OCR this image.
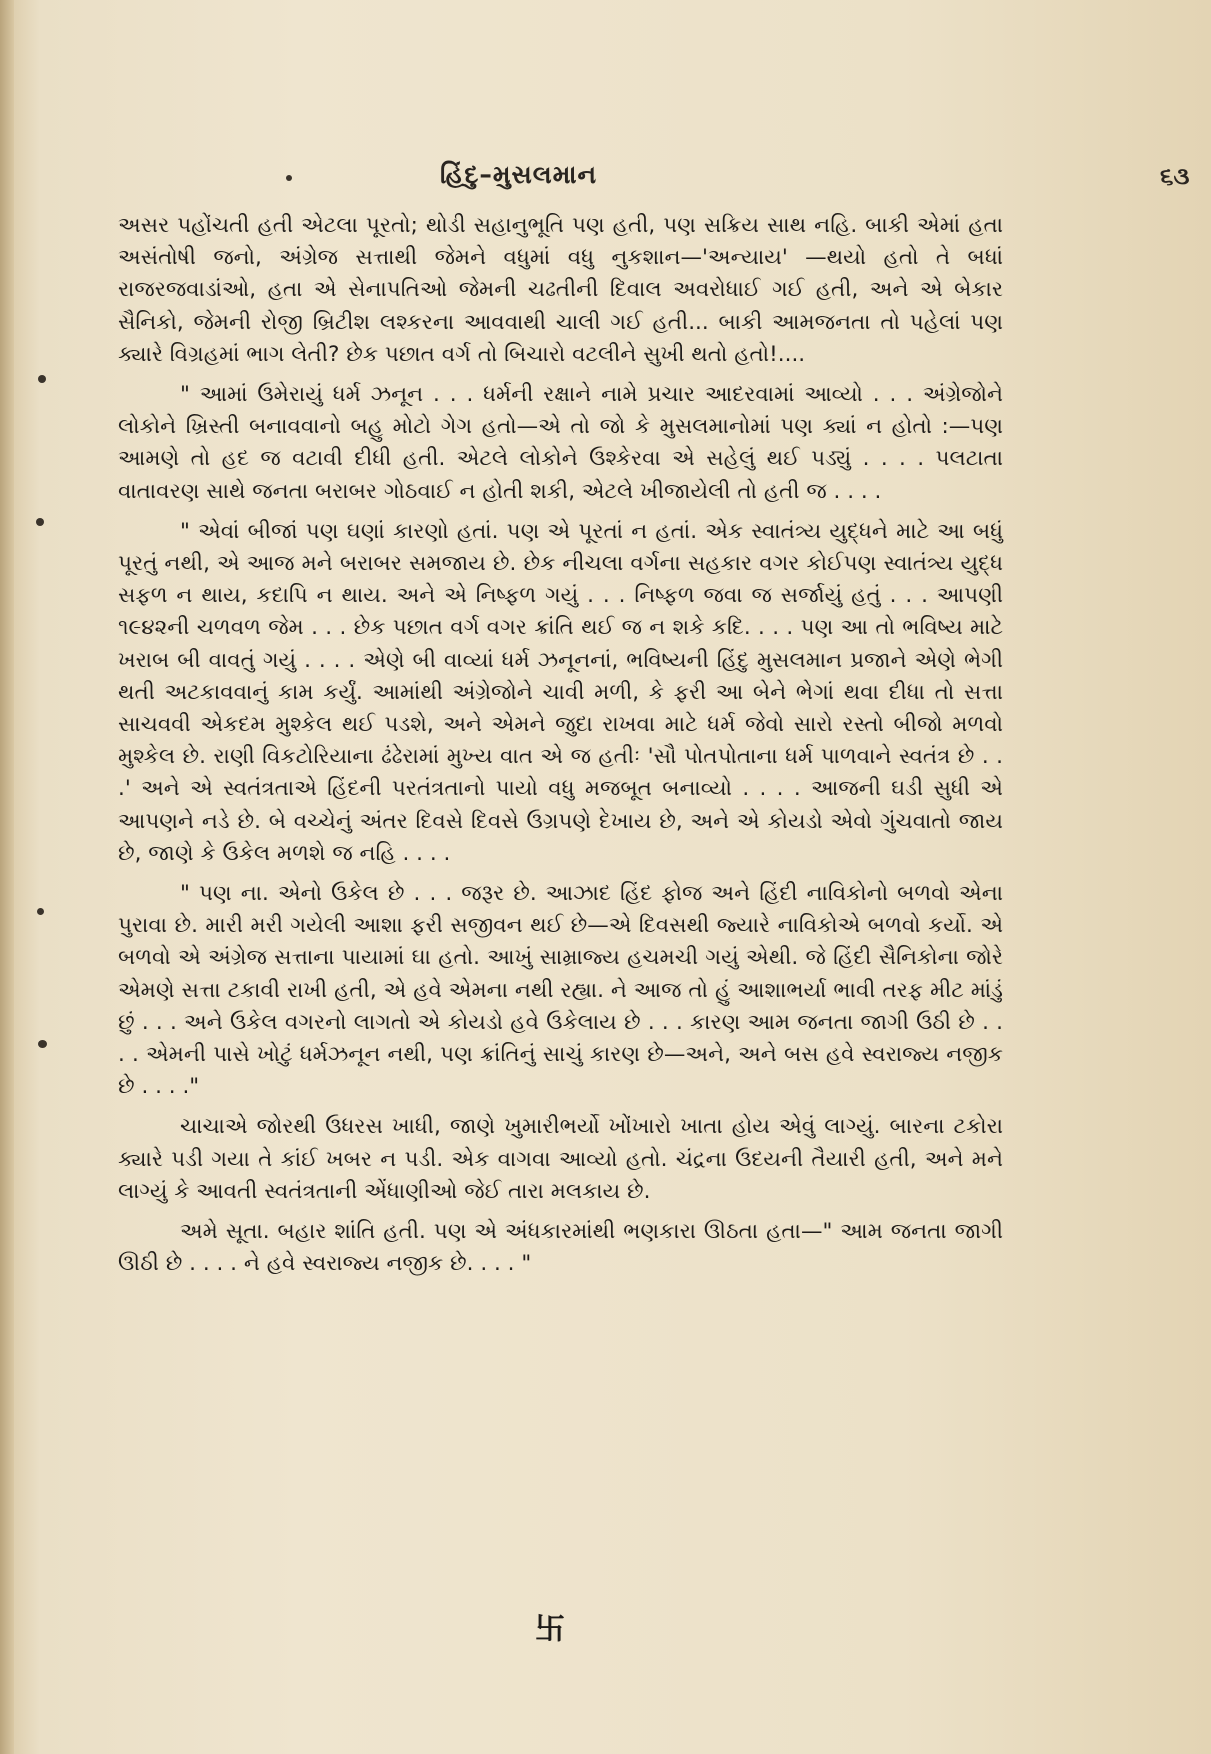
હિંદુ–મુસલમાન	૬૩

અસર પહોંચતી હતી એટલા પૂરતો; થોડી સહાનુભૂતિ પણ હતી, પણ સક્રિય સાથ નહિ. બાકી એમાં હતા અસંતોષી જનો, અંગ્રેજ સત્તાથી જેમને વધુમાં વધુ નુકશાન—'અન્યાય' —થયો હતો તે બધાં રાજરજવાડાંઓ, હતા એ સેનાપતિઓ જેમની ચઢતીની દિવાલ અવરોધાઈ ગઈ હતી, અને એ બેકાર સૈનિકો, જેમની રોજી બ્રિટીશ લશ્કરના આવવાથી ચાલી ગઈ હતી... બાકી આમજનતા તો પહેલાં પણ ક્યારે વિગ્રહમાં ભાગ લેતી? છેક પછાત વર્ગ તો બિચારો વટલીને સુખી થતો હતો!....

" આમાં ઉમેરાયું ધર્મ ઝનૂન . . . ધર્મની રક્ષાને નામે પ્રચાર આદરવામાં આવ્યો . . . અંગ્રેજોને લોકોને ખ્રિસ્તી બનાવવાનો બહુ મોટો ગેગ હતો—એ તો જો કે મુસલમાનોમાં પણ ક્યાં ન હોતો :—પણ આમણે તો હદ જ વટાવી દીધી હતી. એટલે લોકોને ઉશ્કેરવા એ સહેલું થઈ પડ્યું . . . . પલટાતા વાતાવરણ સાથે જનતા બરાબર ગોઠવાઈ ન હોતી શકી, એટલે ખીજાયેલી તો હતી જ . . . .

" એવાં બીજાં પણ ઘણાં કારણો હતાં. પણ એ પૂરતાં ન હતાં. એક સ્વાતંત્ર્ય યુદ્ધને માટે આ બધું પૂરતું નથી, એ આજ મને બરાબર સમજાય છે. છેક નીચલા વર્ગના સહકાર વગર કોઈપણ સ્વાતંત્ર્ય યુદ્ધ સફળ ન થાય, કદાપિ ન થાય. અને એ નિષ્ફળ ગયું . . . નિષ્ફળ જવા જ સર્જાયું હતું . . . આપણી ૧૯૪૨ની ચળવળ જેમ . . . છેક પછાત વર્ગ વગર ક્રાંતિ થઈ જ ન શકે કદિ. . . . પણ આ તો ભવિષ્ય માટે ખરાબ બી વાવતું ગયું . . . . એણે બી વાવ્યાં ધર્મ ઝનૂનનાં, ભવિષ્યની હિંદુ મુસલમાન પ્રજાને એણે ભેગી થતી અટકાવવાનું કામ કર્યું. આમાંથી અંગ્રેજોને ચાવી મળી, કે ફરી આ બેને ભેગાં થવા દીધા તો સત્તા સાચવવી એકદમ મુશ્કેલ થઈ પડશે, અને એમને જુદા રાખવા માટે ધર્મ જેવો સારો રસ્તો બીજો મળવો મુશ્કેલ છે. રાણી વિકટોરિયાના ઢંઢેરામાં મુખ્ય વાત એ જ હતીઃ 'સૌ પોતપોતાના ધર્મ પાળવાને સ્વતંત્ર છે . . .' અને એ સ્વતંત્રતાએ હિંદની પરતંત્રતાનો પાયો વધુ મજબૂત બનાવ્યો . . . . આજની ઘડી સુધી એ આપણને નડે છે. બે વચ્ચેનું અંતર દિવસે દિવસે ઉગ્રપણે દેખાય છે, અને એ કોયડો એવો ગુંચવાતો જાય છે, જાણે કે ઉકેલ મળશે જ નહિ . . . .

" પણ ના. એનો ઉકેલ છે . . . જરૂર છે. આઝાદ હિંદ ફોજ અને હિંદી નાવિકોનો બળવો એના પુરાવા છે. મારી મરી ગયેલી આશા ફરી સજીવન થઈ છે—એ દિવસથી જ્યારે નાવિકોએ બળવો કર્યો. એ બળવો એ અંગ્રેજ સત્તાના પાયામાં ઘા હતો. આખું સામ્રાજ્ય હચમચી ગયું એથી. જે હિંદી સૈનિકોના જોરે એમણે સત્તા ટકાવી રાખી હતી, એ હવે એમના નથી રહ્યા. ને આજ તો હું આશાભર્યા ભાવી તરફ મીટ માંડું છું . . . અને ઉકેલ વગરનો લાગતો એ કોયડો હવે ઉકેલાય છે . . . કારણ આમ જનતા જાગી ઉઠી છે . . . . એમની પાસે ખોટું ધર્મઝનૂન નથી, પણ ક્રાંતિનું સાચું કારણ છે—અને, અને બસ હવે સ્વરાજ્ય નજીક છે . . . ."

ચાચાએ જોરથી ઉધરસ ખાધી, જાણે ખુમારીભર્યો ખોંખારો ખાતા હોય એવું લાગ્યું. બારના ટકોરા ક્યારે પડી ગયા તે કાંઈ ખબર ન પડી. એક વાગવા આવ્યો હતો. ચંદ્રના ઉદયની તૈયારી હતી, અને મને લાગ્યું કે આવતી સ્વતંત્રતાની એંધાણીઓ જેઈ તારા મલકાય છે.

અમે સૂતા. બહાર શાંતિ હતી. પણ એ અંધકારમાંથી ભણકારા ઊઠતા હતા—" આમ જનતા જાગી ઊઠી છે . . . . ને હવે સ્વરાજ્ય નજીક છે. . . . "

卐
